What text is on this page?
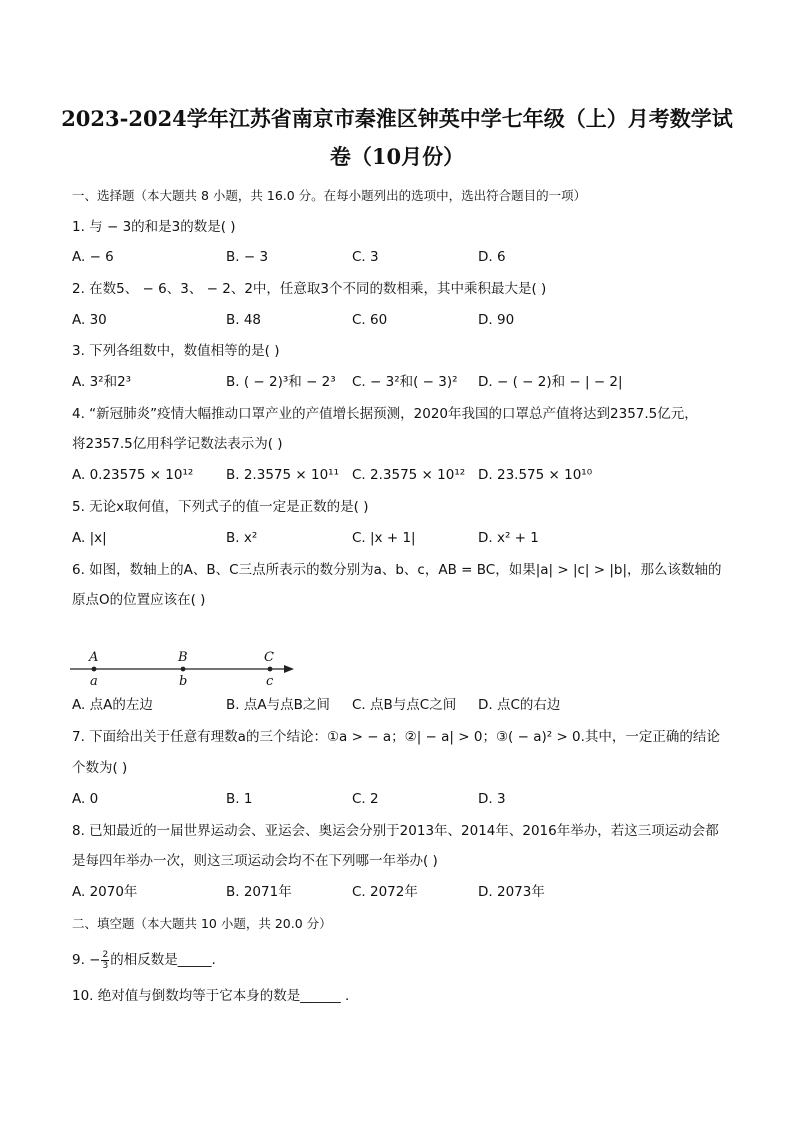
2023-2024学年江苏省南京市秦淮区钟英中学七年级（上）月考数学试
卷（10月份）
一、选择题（本大题共 8 小题，共 16.0 分。在每小题列出的选项中，选出符合题目的一项）
1. 与 − 3的和是3的数是( )
A. − 6	B. − 3	C. 3	D. 6
2. 在数5、 − 6、3、 − 2、2中，任意取3个不同的数相乘，其中乘积最大是( )
A. 30	B. 48	C. 60	D. 90
3. 下列各组数中，数值相等的是( )
A. 3²和2³	B. ( − 2)³和 − 2³ C. − 3²和( − 3)² D. − ( − 2)和 − | − 2|
4. “新冠肺炎”疫情大幅推动口罩产业的产值增长据预测，2020年我国的口罩总产值将达到2357.5亿元，
将2357.5亿用科学记数法表示为( )
A. 0.23575 × 10¹² B. 2.3575 × 10¹¹ C. 2.3575 × 10¹² D. 23.575 × 10¹⁰
5. 无论x取何值，下列式子的值一定是正数的是( )
A. |x|	B. x²	C. |x + 1|	D. x² + 1
6. 如图，数轴上的A、B、C三点所表示的数分别为a、b、c，AB = BC，如果|a| > |c| > |b|，那么该数轴的
原点O的位置应该在( )
A	B	C
a	b	c
A. 点A的左边	B. 点A与点B之间 C. 点B与点C之间 D. 点C的右边
7. 下面给出关于任意有理数a的三个结论：①a > − a；②| − a| > 0；③( − a)² > 0.其中，一定正确的结论
个数为( )
A. 0	B. 1	C. 2	D. 3
8. 已知最近的一届世界运动会、亚运会、奥运会分别于2013年、2014年、2016年举办，若这三项运动会都
是每四年举办一次，则这三项运动会均不在下列哪一年举办( )
A. 2070年	B. 2071年	C. 2072年	D. 2073年
二、填空题（本大题共 10 小题，共 20.0 分）
9. − $\frac{2}{3}$ 的相反数是_____.
10. 绝对值与倒数均等于它本身的数是______ .
